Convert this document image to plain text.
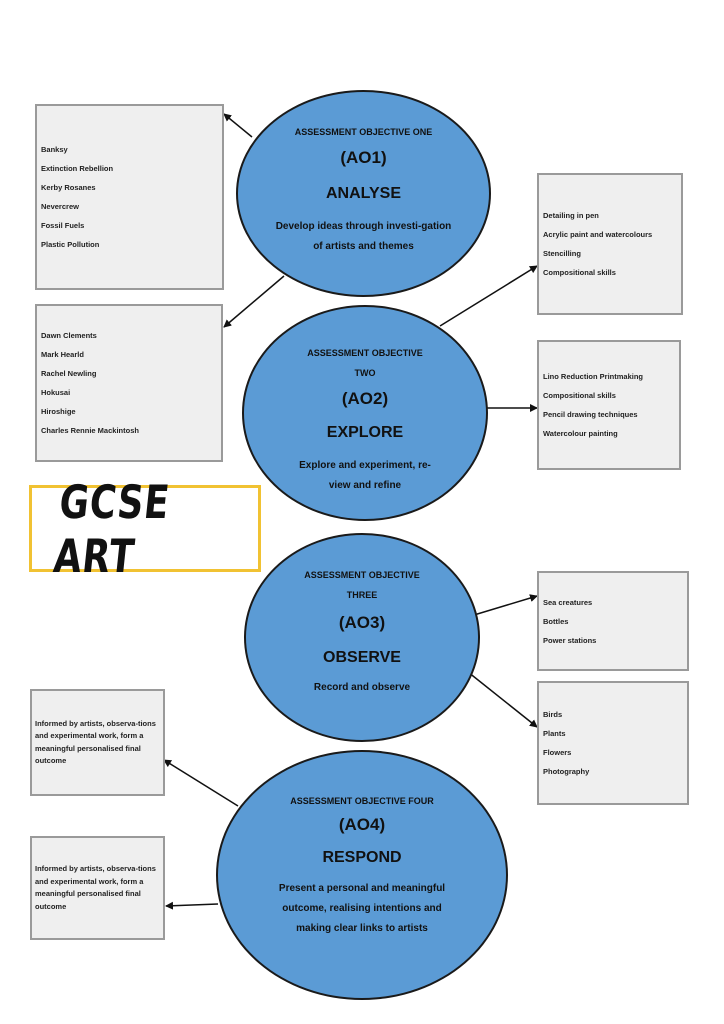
Banksy
Extinction Rebellion
Kerby Rosanes
Nevercrew
Fossil Fuels
Plastic Pollution
Dawn Clements
Mark Hearld
Rachel Newling
Hokusai
Hiroshige
Charles Rennie Mackintosh
Detailing in pen
Acrylic paint and watercolours
Stencilling
Compositional skills
Lino Reduction Printmaking
Compositional skills
Pencil drawing techniques
Watercolour painting
Sea creatures
Bottles
Power stations
Birds
Plants
Flowers
Photography

Informed by artists, observa-tions and experimental work, form a meaningful personalised final outcome

Informed by artists, observa-tions and experimental work, form a meaningful personalised final outcome

GCSE ART
ASSESSMENT OBJECTIVE ONE
(AO1)
ANALYSE
Develop ideas through investi-gation of artists and themes
ASSESSMENT OBJECTIVE TWO
(AO2)
EXPLORE
Explore and experiment, re-view and refine
ASSESSMENT OBJECTIVE THREE
(AO3)
OBSERVE
Record and observe
ASSESSMENT OBJECTIVE FOUR
(AO4)
RESPOND
Present a personal and meaningful outcome, realising intentions and making clear links to artists
